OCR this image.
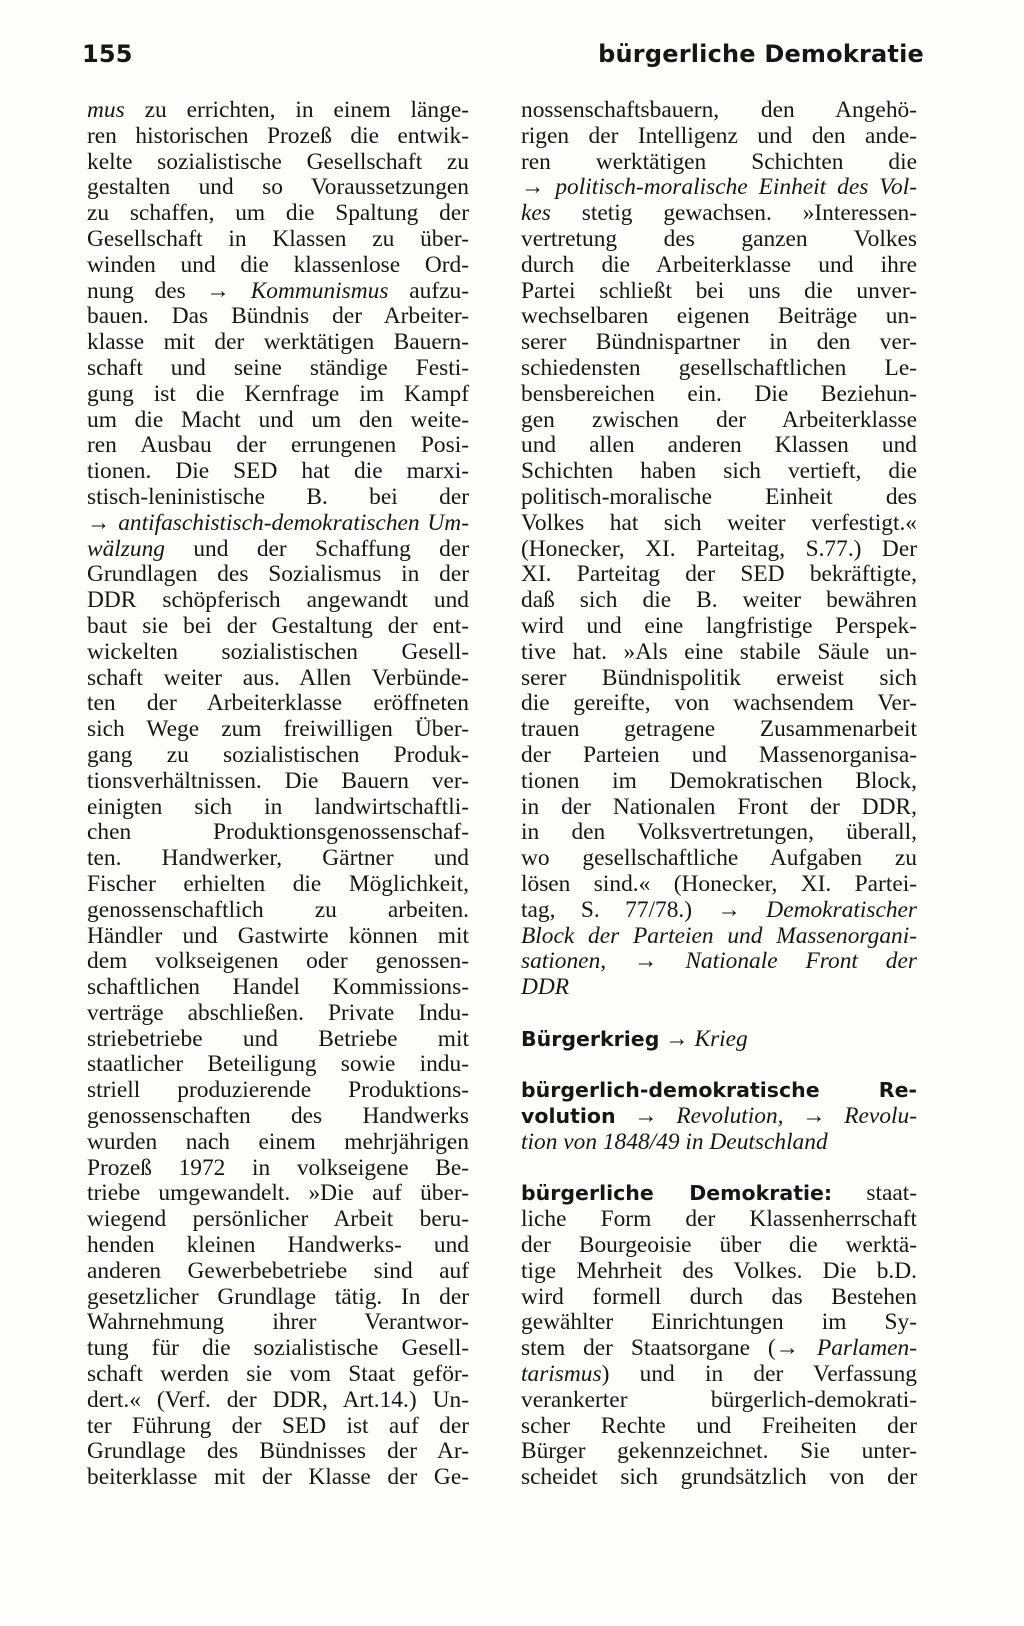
155	bürgerliche Demokratie
mus zu errichten, in einem länge-
ren historischen Prozeß die entwik-
kelte sozialistische Gesellschaft zu
gestalten und so Voraussetzungen
zu schaffen, um die Spaltung der
Gesellschaft in Klassen zu über-
winden und die klassenlose Ord-
nung des → Kommunismus aufzu-
bauen. Das Bündnis der Arbeiter-
klasse mit der werktätigen Bauern-
schaft und seine ständige Festi-
gung ist die Kernfrage im Kampf
um die Macht und um den weite-
ren Ausbau der errungenen Posi-
tionen. Die SED hat die marxi-
stisch-leninistische B. bei der
→ antifaschistisch-demokratischen Um-
wälzung und der Schaffung der
Grundlagen des Sozialismus in der
DDR schöpferisch angewandt und
baut sie bei der Gestaltung der ent-
wickelten sozialistischen Gesell-
schaft weiter aus. Allen Verbünde-
ten der Arbeiterklasse eröffneten
sich Wege zum freiwilligen Über-
gang zu sozialistischen Produk-
tionsverhältnissen. Die Bauern ver-
einigten sich in landwirtschaftli-
chen Produktionsgenossenschaf-
ten. Handwerker, Gärtner und
Fischer erhielten die Möglichkeit,
genossenschaftlich zu arbeiten.
Händler und Gastwirte können mit
dem volkseigenen oder genossen-
schaftlichen Handel Kommissions-
verträge abschließen. Private Indu-
striebetriebe und Betriebe mit
staatlicher Beteiligung sowie indu-
striell produzierende Produktions-
genossenschaften des Handwerks
wurden nach einem mehrjährigen
Prozeß 1972 in volkseigene Be-
triebe umgewandelt. »Die auf über-
wiegend persönlicher Arbeit beru-
henden kleinen Handwerks- und
anderen Gewerbebetriebe sind auf
gesetzlicher Grundlage tätig. In der
Wahrnehmung ihrer Verantwor-
tung für die sozialistische Gesell-
schaft werden sie vom Staat geför-
dert.« (Verf. der DDR, Art.14.) Un-
ter Führung der SED ist auf der
Grundlage des Bündnisses der Ar-
beiterklasse mit der Klasse der Ge-
nossenschaftsbauern, den Angehö-
rigen der Intelligenz und den ande-
ren werktätigen Schichten die
→ politisch-moralische Einheit des Vol-
kes stetig gewachsen. »Interessen-
vertretung des ganzen Volkes
durch die Arbeiterklasse und ihre
Partei schließt bei uns die unver-
wechselbaren eigenen Beiträge un-
serer Bündnispartner in den ver-
schiedensten gesellschaftlichen Le-
bensbereichen ein. Die Beziehun-
gen zwischen der Arbeiterklasse
und allen anderen Klassen und
Schichten haben sich vertieft, die
politisch-moralische Einheit des
Volkes hat sich weiter verfestigt.«
(Honecker, XI. Parteitag, S.77.) Der
XI. Parteitag der SED bekräftigte,
daß sich die B. weiter bewähren
wird und eine langfristige Perspek-
tive hat. »Als eine stabile Säule un-
serer Bündnispolitik erweist sich
die gereifte, von wachsendem Ver-
trauen getragene Zusammenarbeit
der Parteien und Massenorganisa-
tionen im Demokratischen Block,
in der Nationalen Front der DDR,
in den Volksvertretungen, überall,
wo gesellschaftliche Aufgaben zu
lösen sind.« (Honecker, XI. Partei-
tag, S. 77/78.) → Demokratischer
Block der Parteien und Massenorgani-
sationen, → Nationale Front der
DDR
Bürgerkrieg → Krieg
bürgerlich-demokratische Re-
volution → Revolution, → Revolu-
tion von 1848/49 in Deutschland
bürgerliche Demokratie: staat-
liche Form der Klassenherrschaft
der Bourgeoisie über die werktä-
tige Mehrheit des Volkes. Die b.D.
wird formell durch das Bestehen
gewählter Einrichtungen im Sy-
stem der Staatsorgane (→ Parlamen-
tarismus) und in der Verfassung
verankerter bürgerlich-demokrati-
scher Rechte und Freiheiten der
Bürger gekennzeichnet. Sie unter-
scheidet sich grundsätzlich von der
